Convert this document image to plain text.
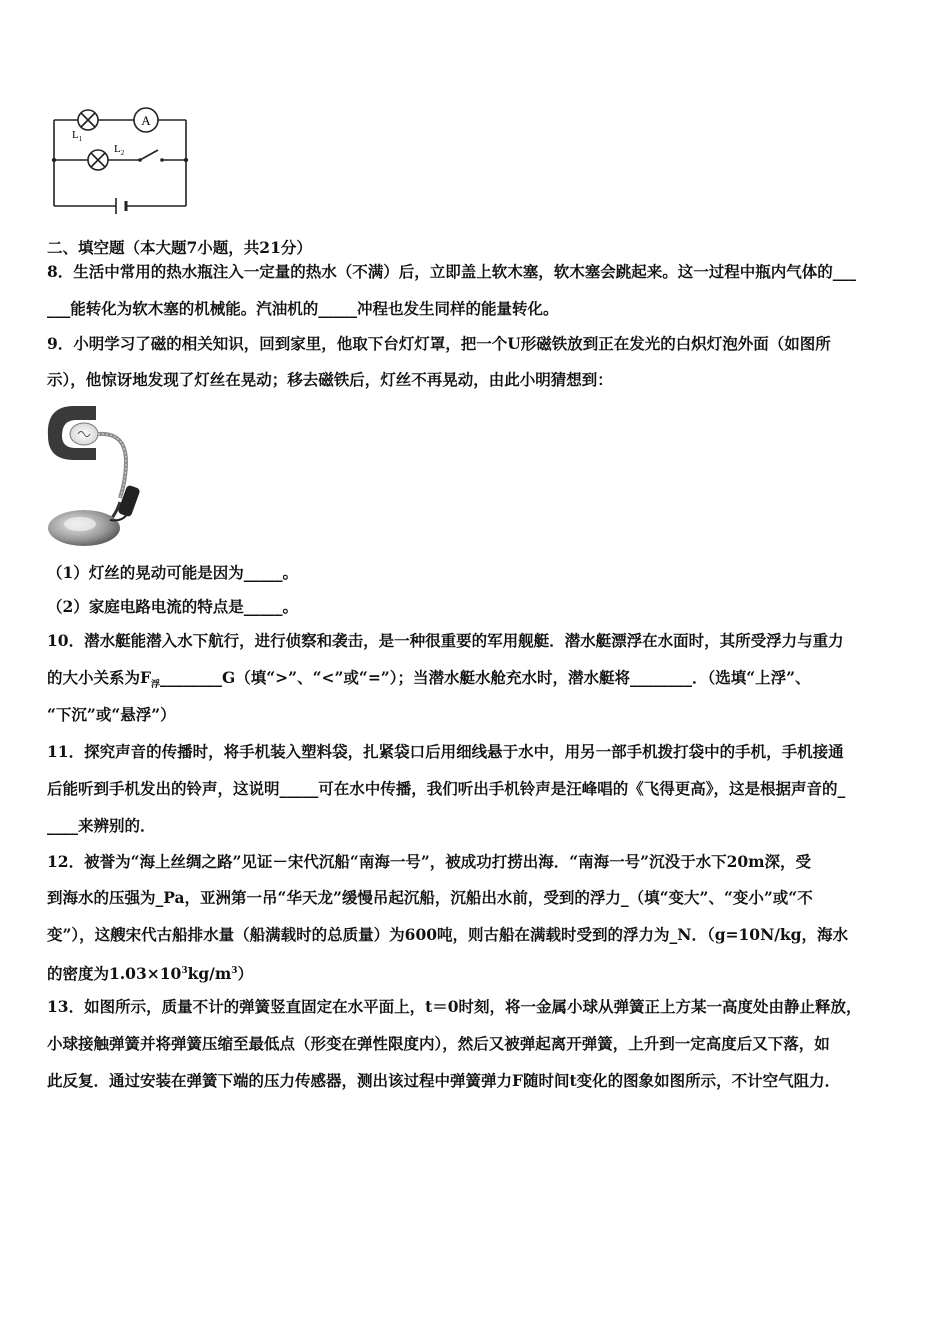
A
$L_1$
$L_2$
二、填空题（本大题7小题，共21分）
8．生活中常用的热水瓶注入一定量的热水（不满）后，立即盖上软木塞，软木塞会跳起来。这一过程中瓶内气体的___
___能转化为软木塞的机械能。汽油机的_____冲程也发生同样的能量转化。
9．小明学习了磁的相关知识，回到家里，他取下台灯灯罩，把一个U形磁铁放到正在发光的白炽灯泡外面（如图所
示），他惊讶地发现了灯丝在晃动；移去磁铁后，灯丝不再晃动，由此小明猜想到：
（1）灯丝的晃动可能是因为_____。
（2）家庭电路电流的特点是_____。
10．潜水艇能潜入水下航行，进行侦察和袭击，是一种很重要的军用舰艇．潜水艇漂浮在水面时，其所受浮力与重力
的大小关系为$F_浮\_\_\_\_\_\_\_\_G$（填“>”、“<”或“=”）；当潜水艇水舱充水时，潜水艇将________．（选填“上浮”、
“下沉”或“悬浮”）
11．探究声音的传播时，将手机装入塑料袋，扎紧袋口后用细线悬于水中，用另一部手机拨打袋中的手机，手机接通
后能听到手机发出的铃声，这说明_____可在水中传播，我们听出手机铃声是汪峰唱的《飞得更高》，这是根据声音的_
____来辨别的．
12．被誉为“海上丝绸之路”见证－宋代沉船“南海一号”，被成功打捞出海．“南海一号”沉没于水下20m深，受
到海水的压强为_Pa，亚洲第一吊“华天龙”缓慢吊起沉船，沉船出水前，受到的浮力_（填“变大”、“变小”或“不
变”），这艘宋代古船排水量（船满载时的总质量）为600吨，则古船在满载时受到的浮力为_N．（g=10N/kg，海水
的密度为$1.03\times 10^3kg/m^3$）
13．如图所示，质量不计的弹簧竖直固定在水平面上，t＝0时刻，将一金属小球从弹簧正上方某一高度处由静止释放，
小球接触弹簧并将弹簧压缩至最低点（形变在弹性限度内），然后又被弹起离开弹簧，上升到一定高度后又下落，如
此反复．通过安装在弹簧下端的压力传感器，测出该过程中弹簧弹力F随时间t变化的图象如图所示，不计空气阻力．
